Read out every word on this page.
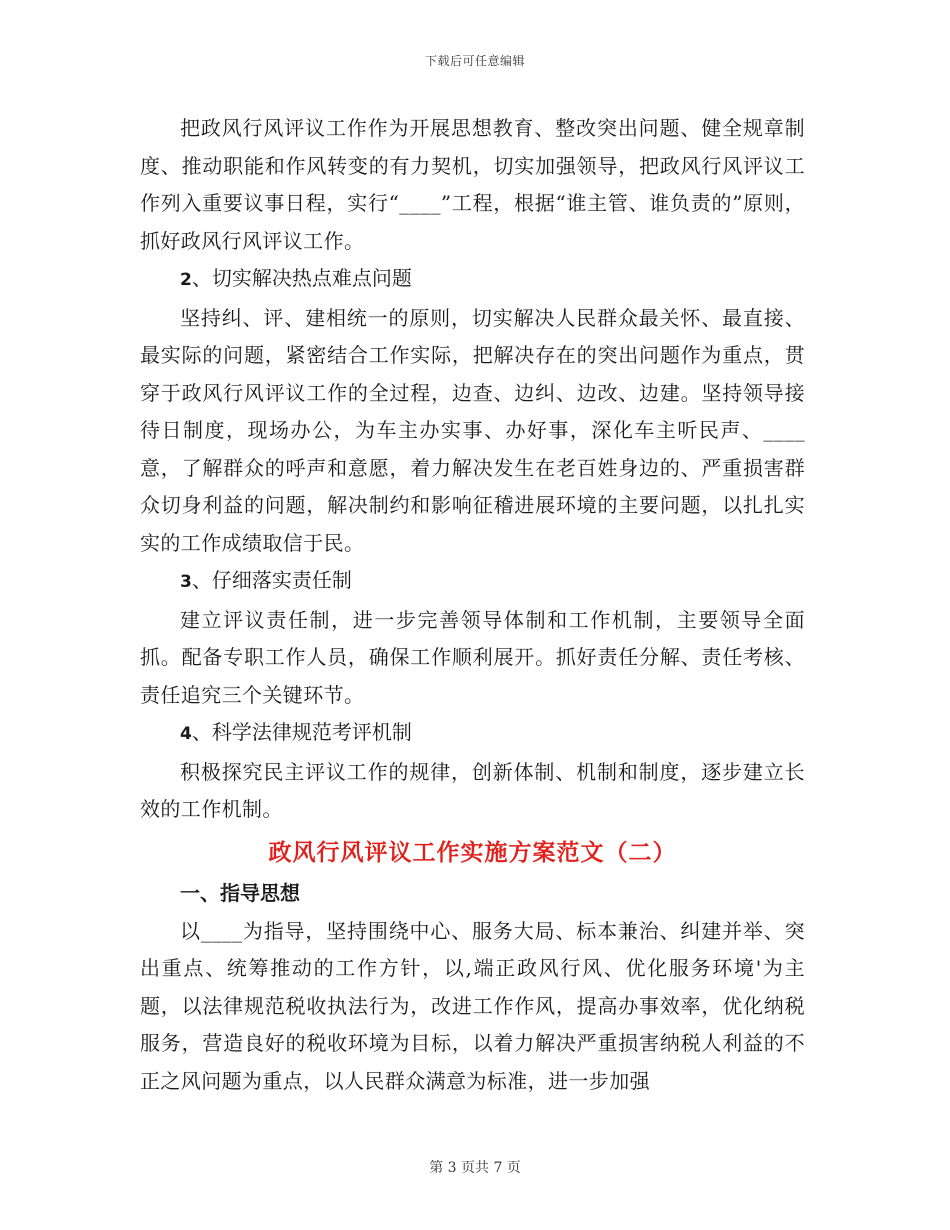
下载后可任意编辑

把政风行风评议工作作为开展思想教育、整改突出问题、健全规章制度、推动职能和作风转变的有力契机，切实加强领导，把政风行风评议工作列入重要议事日程，实行“____”工程，根据“谁主管、谁负责的”原则，抓好政风行风评议工作。

2、切实解决热点难点问题

坚持纠、评、建相统一的原则，切实解决人民群众最关怀、最直接、最实际的问题，紧密结合工作实际，把解决存在的突出问题作为重点，贯穿于政风行风评议工作的全过程，边查、边纠、边改、边建。坚持领导接待日制度，现场办公，为车主办实事、办好事，深化车主听民声、____意，了解群众的呼声和意愿，着力解决发生在老百姓身边的、严重损害群众切身利益的问题，解决制约和影响征稽进展环境的主要问题，以扎扎实实的工作成绩取信于民。

3、仔细落实责任制

建立评议责任制，进一步完善领导体制和工作机制，主要领导全面抓。配备专职工作人员，确保工作顺利展开。抓好责任分解、责任考核、责任追究三个关键环节。

4、科学法律规范考评机制

积极探究民主评议工作的规律，创新体制、机制和制度，逐步建立长效的工作机制。

政风行风评议工作实施方案范文（二）

一、指导思想

以____为指导，坚持围绕中心、服务大局、标本兼治、纠建并举、突出重点、统筹推动的工作方针，以,端正政风行风、优化服务环境'为主题，以法律规范税收执法行为，改进工作作风，提高办事效率，优化纳税服务，营造良好的税收环境为目标，以着力解决严重损害纳税人利益的不正之风问题为重点，以人民群众满意为标准，进一步加强

第 3 页共 7 页
